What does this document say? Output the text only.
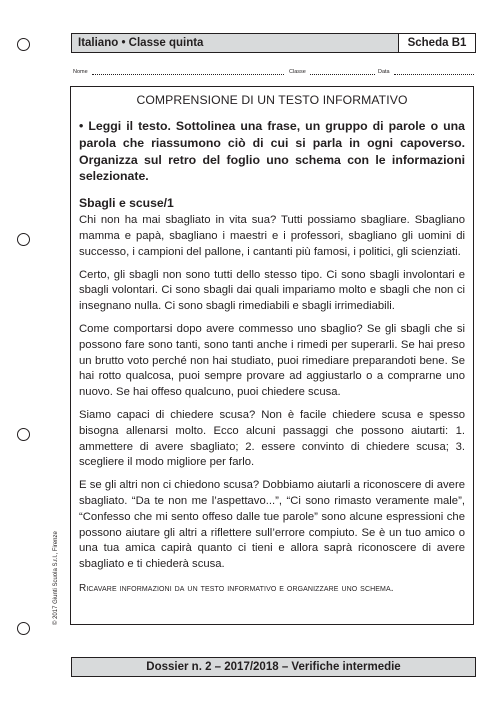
Italiano • Classe quinta	Scheda B1
Nome	Classe	Data
COMPRENSIONE DI UN TESTO INFORMATIVO
• Leggi il testo. Sottolinea una frase, un gruppo di parole o una parola che riassumono ciò di cui si parla in ogni capoverso. Organizza sul retro del foglio uno schema con le informazioni selezionate.
Sbagli e scuse/1

Chi non ha mai sbagliato in vita sua? Tutti possiamo sbagliare. Sbagliano mamma e papà, sbagliano i maestri e i professori, sbagliano gli uomini di successo, i campioni del pallone, i cantanti più famosi, i politici, gli scienziati.

Certo, gli sbagli non sono tutti dello stesso tipo. Ci sono sbagli involontari e sbagli volontari. Ci sono sbagli dai quali impariamo molto e sbagli che non ci insegnano nulla. Ci sono sbagli rimediabili e sbagli irrimediabili.

Come comportarsi dopo avere commesso uno sbaglio? Se gli sbagli che si possono fare sono tanti, sono tanti anche i rimedi per superarli. Se hai preso un brutto voto perché non hai studiato, puoi rimediare preparandoti bene. Se hai rotto qualcosa, puoi sempre provare ad aggiustarlo o a comprarne uno nuovo. Se hai offeso qualcuno, puoi chiedere scusa.

Siamo capaci di chiedere scusa? Non è facile chiedere scusa e spesso bisogna allenarsi molto. Ecco alcuni passaggi che possono aiutarti: 1. ammettere di avere sbagliato; 2. essere convinto di chiedere scusa; 3. scegliere il modo migliore per farlo.

E se gli altri non ci chiedono scusa? Dobbiamo aiutarli a riconoscere di avere sbagliato. “Da te non me l’aspettavo...”, “Ci sono rimasto veramente male”, “Confesso che mi sento offeso dalle tue parole” sono alcune espressioni che possono aiutare gli altri a riflettere sull’errore compiuto. Se è un tuo amico o una tua amica capirà quanto ci tieni e allora saprà riconoscere di avere sbagliato e ti chiederà scusa.

Ricavare informazioni da un testo informativo e organizzare uno schema.
Dossier n. 2 – 2017/2018 – Verifiche intermedie
© 2017 Giunti Scuola S.r.l., Firenze
